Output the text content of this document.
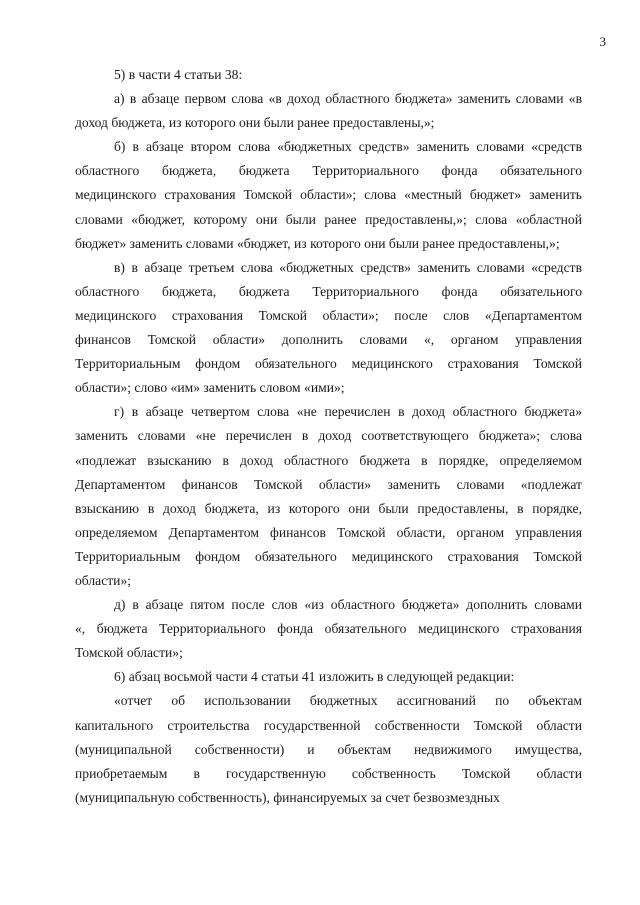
3
5) в части 4 статьи 38:
а) в абзаце первом слова «в доход областного бюджета» заменить словами «в
доход бюджета, из которого они были ранее предоставлены,»;
б) в абзаце втором слова «бюджетных средств» заменить словами «средств
областного бюджета, бюджета Территориального фонда обязательного
медицинского страхования Томской области»; слова «местный бюджет» заменить
словами «бюджет, которому они были ранее предоставлены,»; слова «областной
бюджет» заменить словами «бюджет, из которого они были ранее предоставлены,»;
в) в абзаце третьем слова «бюджетных средств» заменить словами «средств
областного бюджета, бюджета Территориального фонда обязательного
медицинского страхования Томской области»; после слов «Департаментом
финансов Томской области» дополнить словами «, органом управления
Территориальным фондом обязательного медицинского страхования Томской
области»; слово «им» заменить словом «ими»;
г) в абзаце четвертом слова «не перечислен в доход областного бюджета»
заменить словами «не перечислен в доход соответствующего бюджета»; слова
«подлежат взысканию в доход областного бюджета в порядке, определяемом
Департаментом финансов Томской области» заменить словами «подлежат
взысканию в доход бюджета, из которого они были предоставлены, в порядке,
определяемом Департаментом финансов Томской области, органом управления
Территориальным фондом обязательного медицинского страхования Томской
области»;
д) в абзаце пятом после слов «из областного бюджета» дополнить словами
«, бюджета Территориального фонда обязательного медицинского страхования
Томской области»;
6) абзац восьмой части 4 статьи 41 изложить в следующей редакции:
«отчет об использовании бюджетных ассигнований по объектам
капитального строительства государственной собственности Томской области
(муниципальной собственности) и объектам недвижимого имущества,
приобретаемым в государственную собственность Томской области
(муниципальную собственность), финансируемых за счет безвозмездных
